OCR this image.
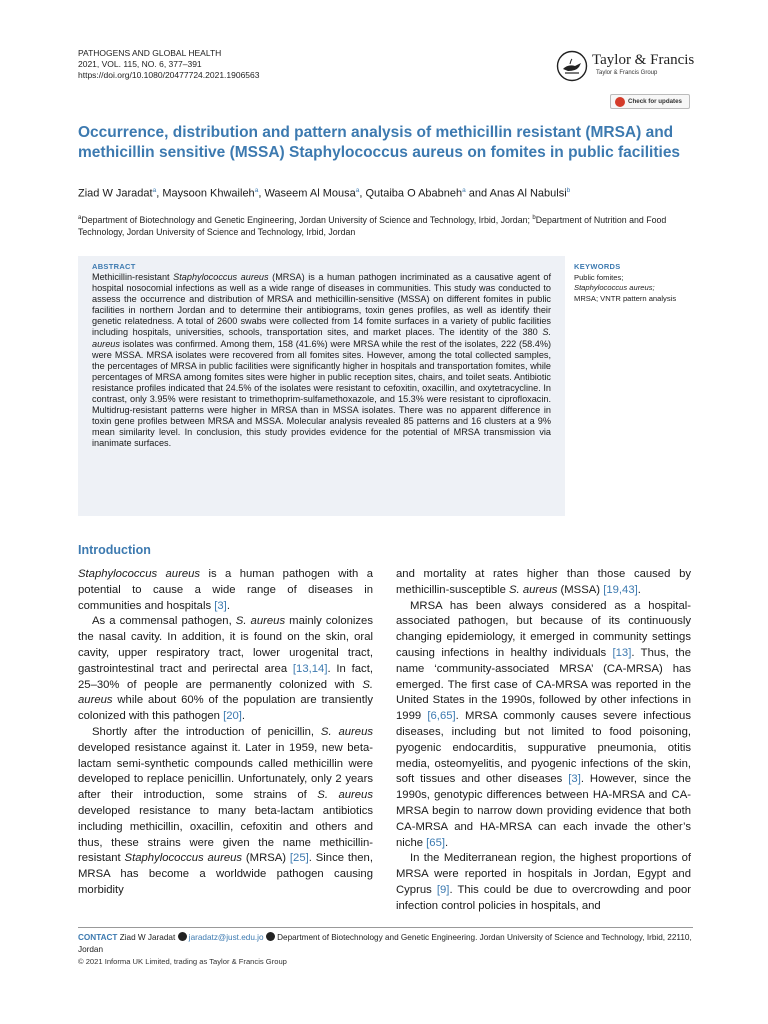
PATHOGENS AND GLOBAL HEALTH
2021, VOL. 115, NO. 6, 377–391
https://doi.org/10.1080/20477724.2021.1906563
Taylor & Francis
Taylor & Francis Group
Check for updates
Occurrence, distribution and pattern analysis of methicillin resistant (MRSA) and methicillin sensitive (MSSA) Staphylococcus aureus on fomites in public facilities
Ziad W Jaradat$^a$, Maysoon Khwaileh$^a$, Waseem Al Mousa$^a$, Qutaiba O Ababneh$^a$ and Anas Al Nabulsi$^b$
$^a$Department of Biotechnology and Genetic Engineering, Jordan University of Science and Technology, Irbid, Jordan; $^b$Department of Nutrition and Food Technology, Jordan University of Science and Technology, Irbid, Jordan
ABSTRACT
Methicillin-resistant Staphylococcus aureus (MRSA) is a human pathogen incriminated as a causative agent of hospital nosocomial infections as well as a wide range of diseases in communities. This study was conducted to assess the occurrence and distribution of MRSA and methicillin-sensitive (MSSA) on different fomites in public facilities in northern Jordan and to determine their antibiograms, toxin genes profiles, as well as identify their genetic relatedness. A total of 2600 swabs were collected from 14 fomite surfaces in a variety of public facilities including hospitals, universities, schools, transportation sites, and market places. The identity of the 380 S. aureus isolates was confirmed. Among them, 158 (41.6%) were MRSA while the rest of the isolates, 222 (58.4%) were MSSA. MRSA isolates were recovered from all fomites sites. However, among the total collected samples, the percentages of MRSA in public facilities were significantly higher in hospitals and transportation fomites, while percentages of MRSA among fomites sites were higher in public reception sites, chairs, and toilet seats. Antibiotic resistance profiles indicated that 24.5% of the isolates were resistant to cefoxitin, oxacillin, and oxytetracycline. In contrast, only 3.95% were resistant to trimethoprim-sulfamethoxazole, and 15.3% were resistant to ciprofloxacin. Multidrug-resistant patterns were higher in MRSA than in MSSA isolates. There was no apparent difference in toxin gene profiles between MRSA and MSSA. Molecular analysis revealed 85 patterns and 16 clusters at a 9% mean similarity level. In conclusion, this study provides evidence for the potential of MRSA transmission via inanimate surfaces.
KEYWORDS
Public fomites;
Staphylococcus aureus;
MRSA; VNTR pattern analysis
Introduction

Staphylococcus aureus is a human pathogen with a potential to cause a wide range of diseases in communities and hospitals [3].

As a commensal pathogen, S. aureus mainly colonizes the nasal cavity. In addition, it is found on the skin, oral cavity, upper respiratory tract, lower urogenital tract, gastrointestinal tract and perirectal area [13,14]. In fact, 25–30% of people are permanently colonized with S. aureus while about 60% of the population are transiently colonized with this pathogen [20].

Shortly after the introduction of penicillin, S. aureus developed resistance against it. Later in 1959, new beta-lactam semi-synthetic compounds called methicillin were developed to replace penicillin. Unfortunately, only 2 years after their introduction, some strains of S. aureus developed resistance to many beta-lactam antibiotics including methicillin, oxacillin, cefoxitin and others and thus, these strains were given the name methicillin-resistant Staphylococcus aureus (MRSA) [25]. Since then, MRSA has become a worldwide pathogen causing morbidity

and mortality at rates higher than those caused by methicillin-susceptible S. aureus (MSSA) [19,43].

MRSA has been always considered as a hospital-associated pathogen, but because of its continuously changing epidemiology, it emerged in community settings causing infections in healthy individuals [13]. Thus, the name ‘community-associated MRSA’ (CA-MRSA) has emerged. The first case of CA-MRSA was reported in the United States in the 1990s, followed by other infections in 1999 [6,65]. MRSA commonly causes severe infectious diseases, including but not limited to food poisoning, pyogenic endocarditis, suppurative pneumonia, otitis media, osteomyelitis, and pyogenic infections of the skin, soft tissues and other diseases [3]. However, since the 1990s, genotypic differences between HA-MRSA and CA-MRSA begin to narrow down providing evidence that both CA-MRSA and HA-MRSA can each invade the other’s niche [65].

In the Mediterranean region, the highest proportions of MRSA were reported in hospitals in Jordan, Egypt and Cyprus [9]. This could be due to overcrowding and poor infection control policies in hospitals, and

CONTACT Ziad W Jaradat jaradatz@just.edu.jo Department of Biotechnology and Genetic Engineering. Jordan University of Science and Technology, Irbid, 22110, Jordan
© 2021 Informa UK Limited, trading as Taylor & Francis Group
